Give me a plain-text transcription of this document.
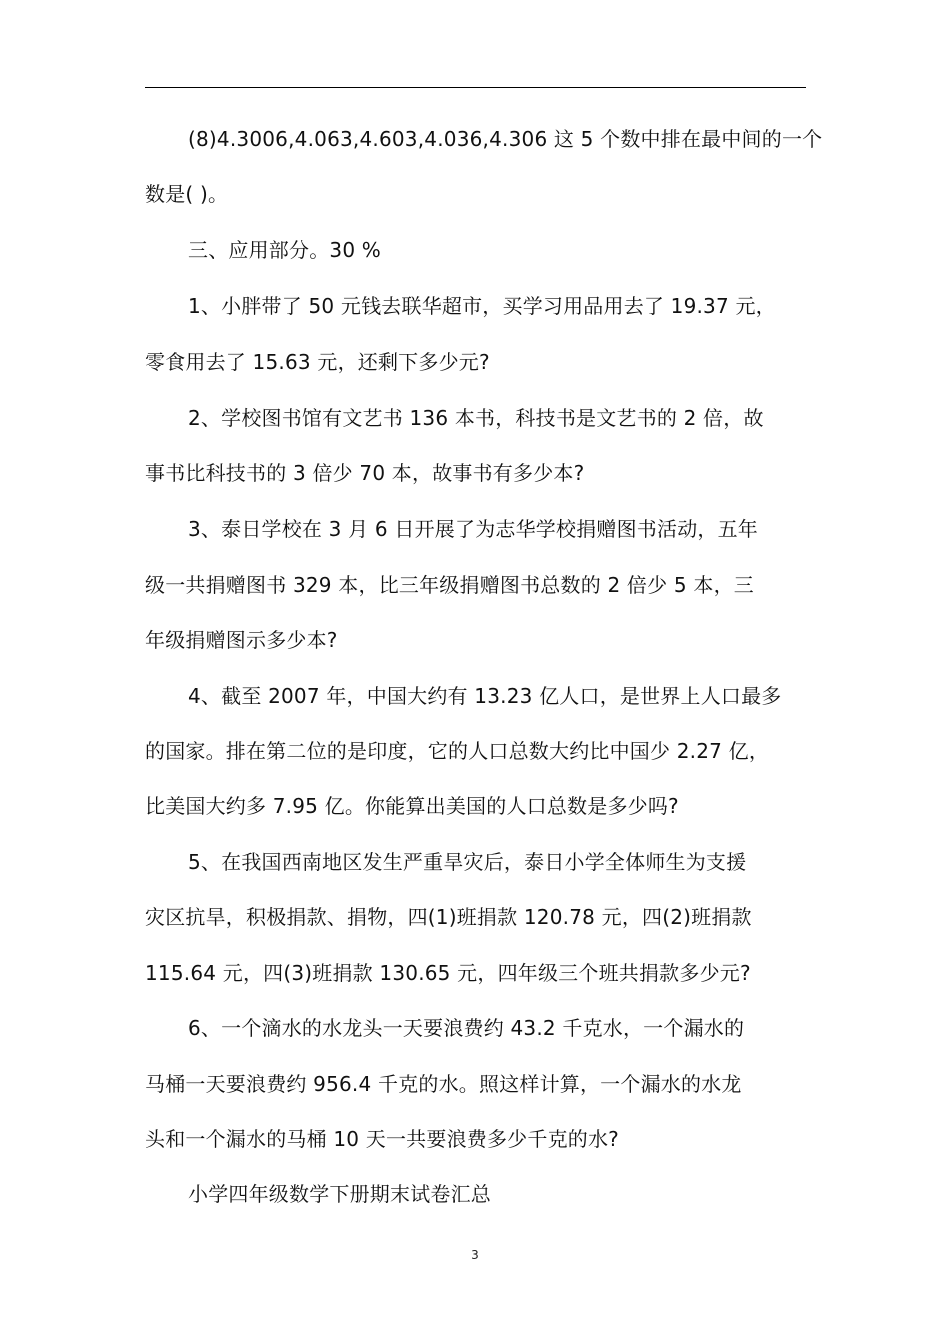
(8)4.3006,4.063,4.603,4.036,4.306 这 5 个数中排在最中间的一个
数是( )。
三、应用部分。30 %
1、小胖带了 50 元钱去联华超市，买学习用品用去了 19.37 元，
零食用去了 15.63 元，还剩下多少元?
2、学校图书馆有文艺书 136 本书，科技书是文艺书的 2 倍，故
事书比科技书的 3 倍少 70 本，故事书有多少本?
3、泰日学校在 3 月 6 日开展了为志华学校捐赠图书活动，五年
级一共捐赠图书 329 本，比三年级捐赠图书总数的 2 倍少 5 本，三
年级捐赠图示多少本?
4、截至 2007 年，中国大约有 13.23 亿人口，是世界上人口最多
的国家。排在第二位的是印度，它的人口总数大约比中国少 2.27 亿，
比美国大约多 7.95 亿。你能算出美国的人口总数是多少吗?
5、在我国西南地区发生严重旱灾后，泰日小学全体师生为支援
灾区抗旱，积极捐款、捐物，四(1)班捐款 120.78 元，四(2)班捐款
115.64 元，四(3)班捐款 130.65 元，四年级三个班共捐款多少元?
6、一个滴水的水龙头一天要浪费约 43.2 千克水，一个漏水的
马桶一天要浪费约 956.4 千克的水。照这样计算，一个漏水的水龙
头和一个漏水的马桶 10 天一共要浪费多少千克的水?
小学四年级数学下册期末试卷汇总
3
